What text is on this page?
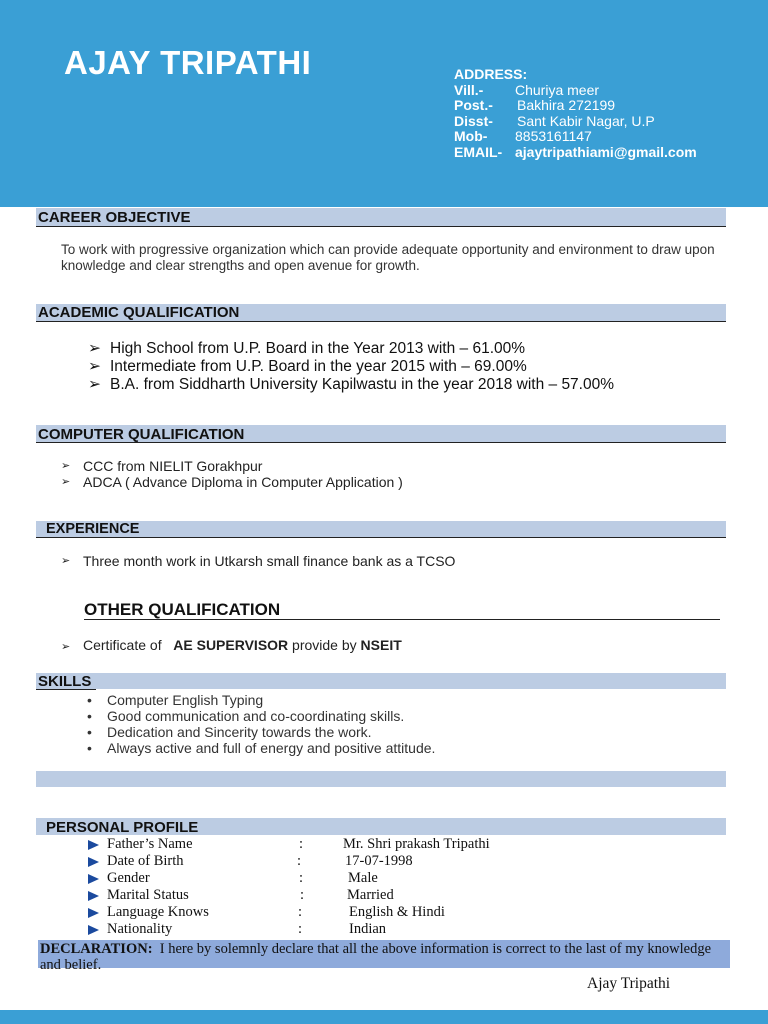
AJAY TRIPATHI	ADDRESS:
Vill.- Churiya meer
Post.- Bakhira 272199
Disst- Sant Kabir Nagar, U.P
Mob- 8853161147
EMAIL- ajaytripathiami@gmail.com
CAREER OBJECTIVE
To work with progressive organization which can provide adequate opportunity and environment to draw upon knowledge and clear strengths and open avenue for growth.
ACADEMIC QUALIFICATION
➢ High School from U.P. Board in the Year 2013 with – 61.00%
➢ Intermediate from U.P. Board in the year 2015 with – 69.00%
➢ B.A. from Siddharth University Kapilwastu in the year 2018 with – 57.00%
COMPUTER QUALIFICATION
➢ CCC from NIELIT Gorakhpur
➢ ADCA ( Advance Diploma in Computer Application )
EXPERIENCE
➢ Three month work in Utkarsh small finance bank as a TCSO
OTHER QUALIFICATION
➢ Certificate of AE SUPERVISOR provide by NSEIT
SKILLS
• Computer English Typing
• Good communication and co-coordinating skills.
• Dedication and Sincerity towards the work.
• Always active and full of energy and positive attitude.
PERSONAL PROFILE
Father’s Name	:	Mr. Shri prakash Tripathi
Date of Birth	:	17-07-1998
Gender	:	Male
Marital Status	:	Married
Language Knows	:	English & Hindi
Nationality	:	Indian
DECLARATION: I here by solemnly declare that all the above information is correct to the last of my knowledge and belief.
Ajay Tripathi
